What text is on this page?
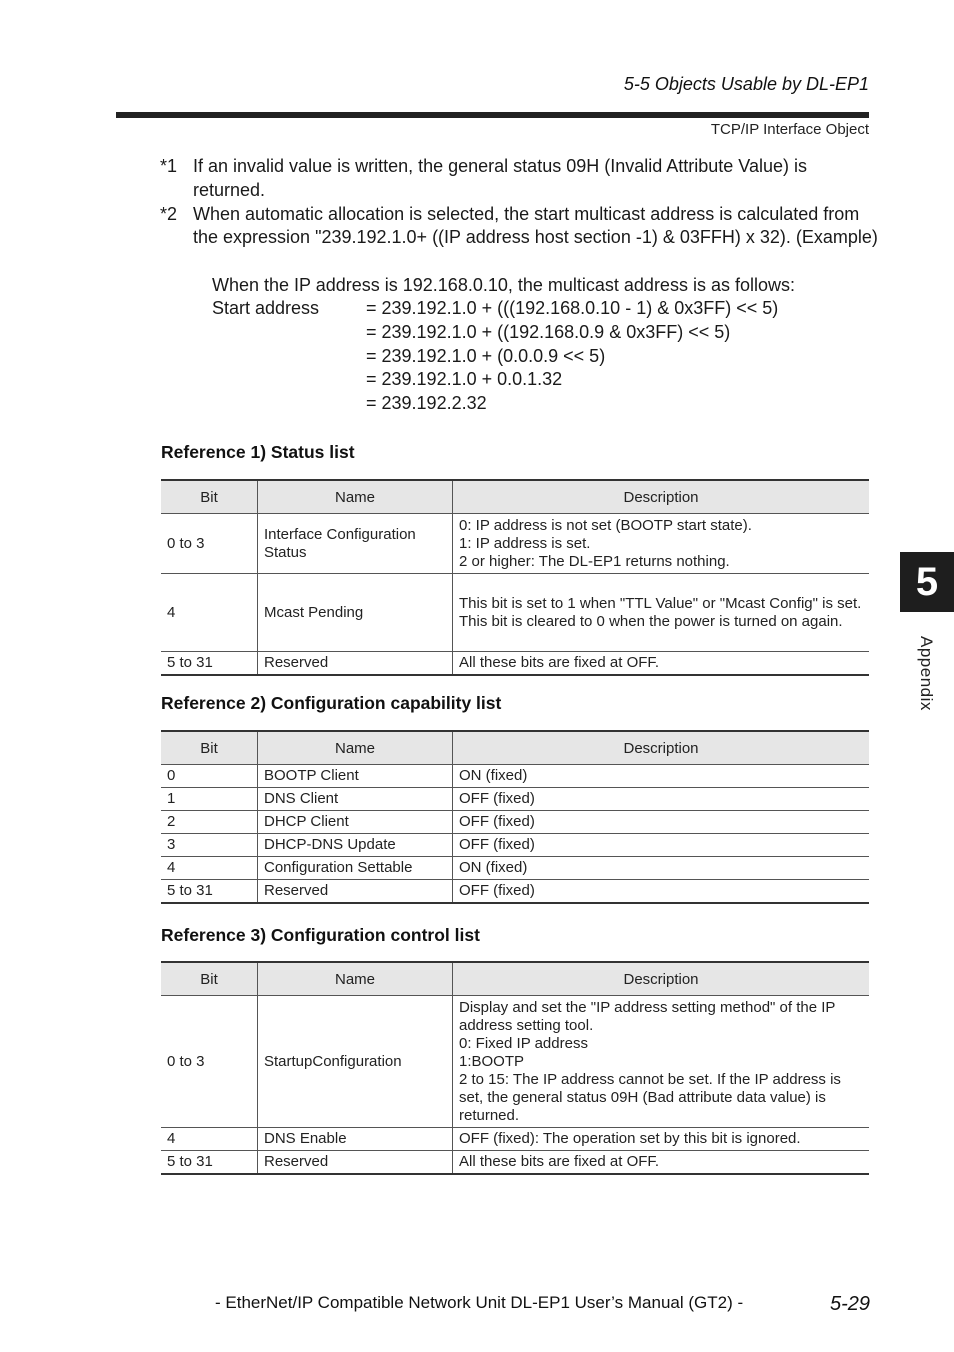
5-5 Objects Usable by DL-EP1
TCP/IP Interface Object
*1 If an invalid value is written, the general status 09H (Invalid Attribute Value) is returned.
*2 When automatic allocation is selected, the start multicast address is calculated from the expression "239.192.1.0+ ((IP address host section -1) & 03FFH) x 32). (Example)
When the IP address is 192.168.0.10, the multicast address is as follows:
Start address	= 239.192.1.0 + (((192.168.0.10 - 1) & 0x3FF) << 5)
= 239.192.1.0 + ((192.168.0.9 & 0x3FF) << 5)
= 239.192.1.0 + (0.0.0.9 << 5)
= 239.192.1.0 + 0.0.1.32
= 239.192.2.32
Reference 1) Status list
Bit	Name	Description
0 to 3	Interface Configuration Status	0: IP address is not set (BOOTP start state).
1: IP address is set.
2 or higher: The DL-EP1 returns nothing.
4	Mcast Pending	This bit is set to 1 when "TTL Value" or "Mcast Config" is set.
This bit is cleared to 0 when the power is turned on again.
5 to 31	Reserved	All these bits are fixed at OFF.
Reference 2) Configuration capability list
Bit	Name	Description
0	BOOTP Client	ON (fixed)
1	DNS Client	OFF (fixed)
2	DHCP Client	OFF (fixed)
3	DHCP-DNS Update	OFF (fixed)
4	Configuration Settable	ON (fixed)
5 to 31	Reserved	OFF (fixed)
Reference 3) Configuration control list
Bit	Name	Description
0 to 3	StartupConfiguration	Display and set the "IP address setting method" of the IP address setting tool.
0: Fixed IP address
1:BOOTP
2 to 15: The IP address cannot be set. If the IP address is set, the general status 09H (Bad attribute data value) is returned.
4	DNS Enable	OFF (fixed): The operation set by this bit is ignored.
5 to 31	Reserved	All these bits are fixed at OFF.
5
Appendix
- EtherNet/IP Compatible Network Unit DL-EP1 User’s Manual (GT2) -	5-29
